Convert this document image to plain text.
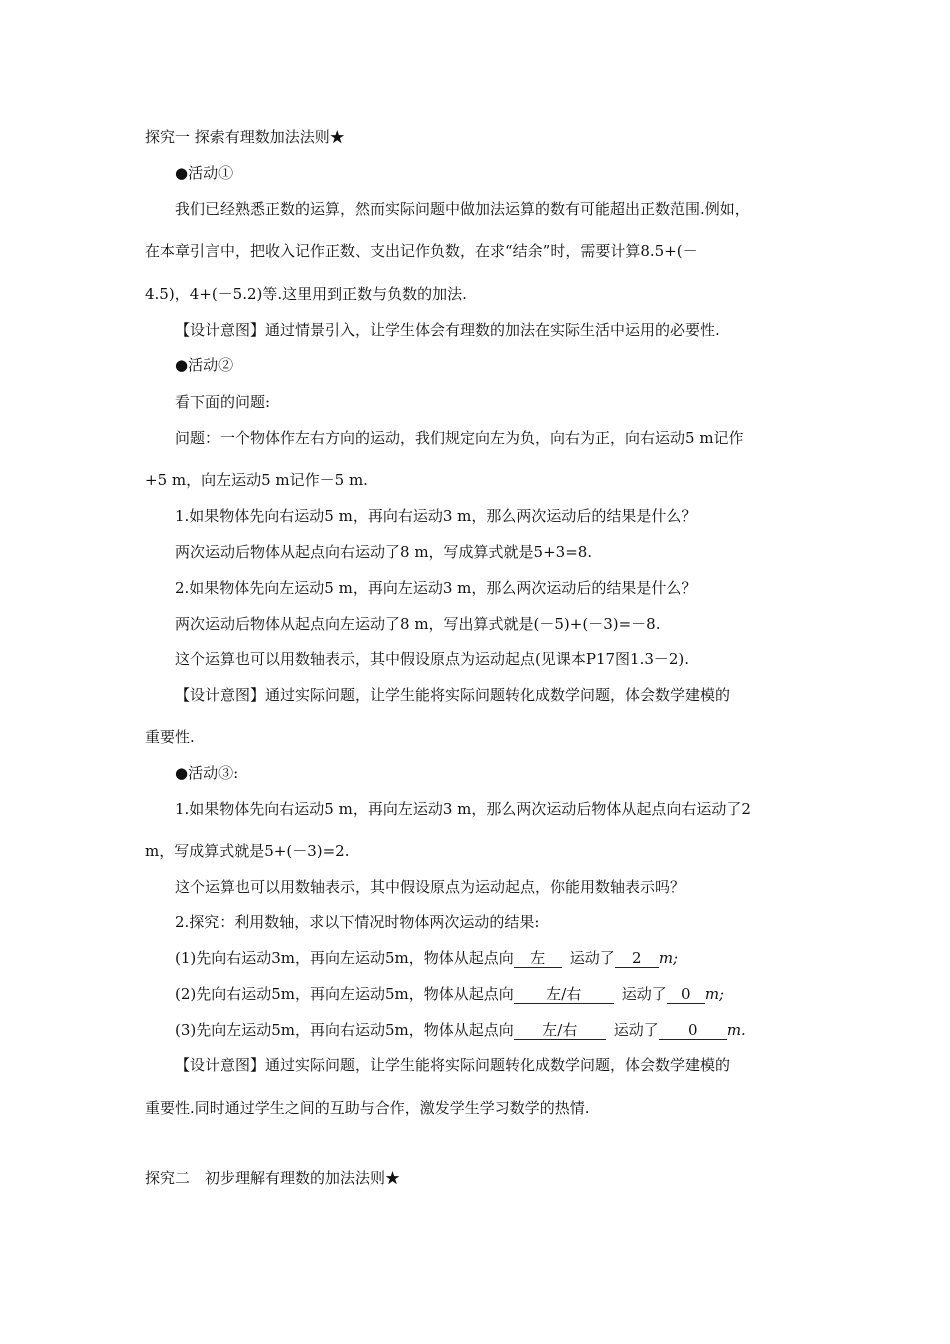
探究一 探索有理数加法法则★
●活动①
我们已经熟悉正数的运算，然而实际问题中做加法运算的数有可能超出正数范围.例如，
在本章引言中，把收入记作正数、支出记作负数，在求“结余”时，需要计算8.5+(－
4.5)，4+(－5.2)等.这里用到正数与负数的加法.
【设计意图】通过情景引入，让学生体会有理数的加法在实际生活中运用的必要性.
●活动②
看下面的问题:
问题：一个物体作左右方向的运动，我们规定向左为负，向右为正，向右运动5 m记作
+5 m，向左运动5 m记作－5 m.
1.如果物体先向右运动5 m，再向右运动3 m，那么两次运动后的结果是什么？
两次运动后物体从起点向右运动了8 m，写成算式就是5+3=8.
2.如果物体先向左运动5 m，再向左运动3 m，那么两次运动后的结果是什么？
两次运动后物体从起点向左运动了8 m，写出算式就是(－5)+(－3)=－8.
这个运算也可以用数轴表示，其中假设原点为运动起点(见课本P17图1.3－2).
【设计意图】通过实际问题，让学生能将实际问题转化成数学问题，体会数学建模的
重要性.
●活动③:
1.如果物体先向右运动5 m，再向左运动3 m，那么两次运动后物体从起点向右运动了2
m，写成算式就是5+(－3)=2.
这个运算也可以用数轴表示，其中假设原点为运动起点，你能用数轴表示吗？
2.探究：利用数轴，求以下情况时物体两次运动的结果:
(1)先向右运动3m，再向左运动5m，物体从起点向 左 运动了 2 m;
(2)先向右运动5m，再向左运动5m，物体从起点向 左/右	运动了 0 m;
(3)先向左运动5m，再向右运动5m，物体从起点向 左/右 运动了 0 m.
【设计意图】通过实际问题，让学生能将实际问题转化成数学问题，体会数学建模的
重要性.同时通过学生之间的互助与合作，激发学生学习数学的热情.
探究二　初步理解有理数的加法法则★
